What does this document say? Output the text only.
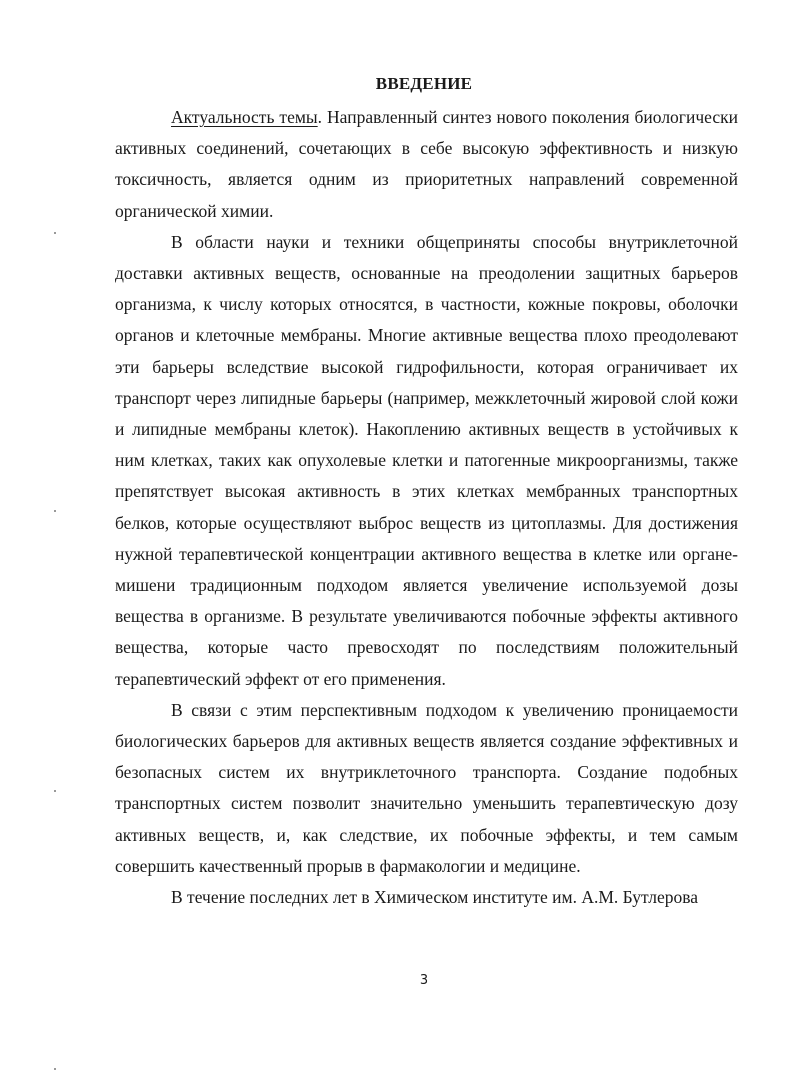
ВВЕДЕНИЕ

Актуальность темы. Направленный синтез нового поколения биологически активных соединений, сочетающих в себе высокую эффективность и низкую токсичность, является одним из приоритетных направлений современной органической химии.

В области науки и техники общеприняты способы внутриклеточной доставки активных веществ, основанные на преодолении защитных барьеров организма, к числу которых относятся, в частности, кожные покровы, оболочки органов и клеточные мембраны. Многие активные вещества плохо преодолевают эти барьеры вследствие высокой гидрофильности, которая ограничивает их транспорт через липидные барьеры (например, межклеточный жировой слой кожи и липидные мембраны клеток). Накоплению активных веществ в устойчивых к ним клетках, таких как опухолевые клетки и патогенные микроорганизмы, также препятствует высокая активность в этих клетках мембранных транспортных белков, которые осуществляют выброс веществ из цитоплазмы. Для достижения нужной терапевтической концентрации активного вещества в клетке или органе-мишени традиционным подходом является увеличение используемой дозы вещества в организме. В результате увеличиваются побочные эффекты активного вещества, которые часто превосходят по последствиям положительный терапевтический эффект от его применения.

В связи с этим перспективным подходом к увеличению проницаемости биологических барьеров для активных веществ является создание эффективных и безопасных систем их внутриклеточного транспорта. Создание подобных транспортных систем позволит значительно уменьшить терапевтическую дозу активных веществ, и, как следствие, их побочные эффекты, и тем самым совершить качественный прорыв в фармакологии и медицине.

В течение последних лет в Химическом институте им. А.М. Бутлерова

3
